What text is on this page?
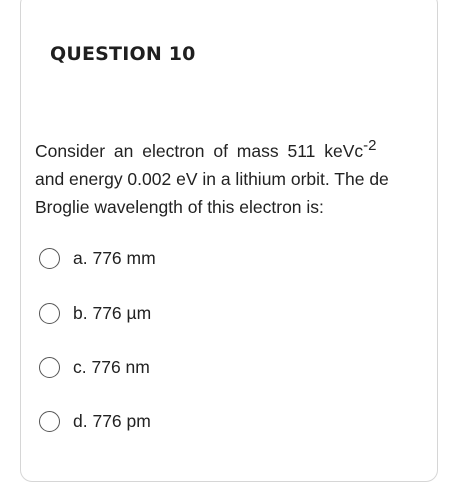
QUESTION 10
Consider an electron of mass 511 keVc$^{-2}$
and energy 0.002 eV in a lithium orbit. The de
Broglie wavelength of this electron is:
a. 776 mm
b. 776 µm
c. 776 nm
d. 776 pm
